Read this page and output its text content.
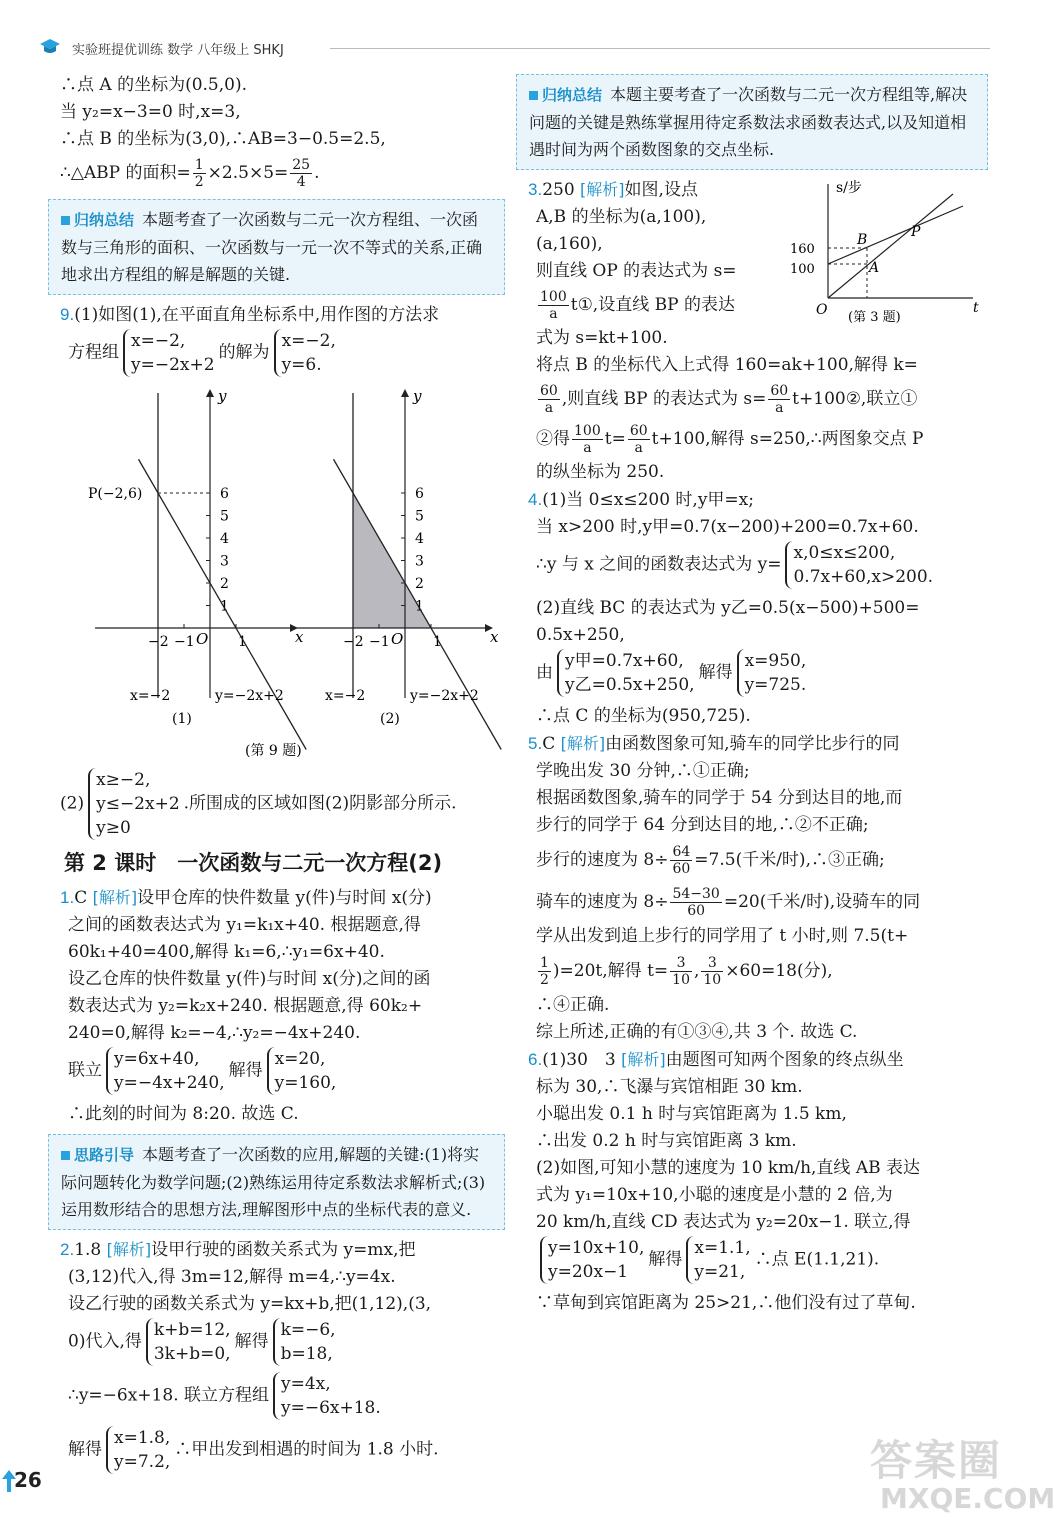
实验班提优训练 数学 八年级上 SHKJ
∴点 A 的坐标为(0.5,0).
当 y₂=x−3=0 时,x=3,
∴点 B 的坐标为(3,0),∴AB=3−0.5=2.5,
∴△ABP 的面积= $\frac{1}{2} \times 2.5\times 5= \frac{25}{4}$ .
归纳总结 本题考查了一次函数与二元一次方程组、一次函数与三角形的面积、一次函数与一元一次不等式的关系,正确地求出方程组的解是解题的关键.
9.(1)如图(1),在平面直角坐标系中,用作图的方法求
方程组x=−2,
y=−2x+2的解为x=−2,
y=6.
x
y
O
6
5
4
3
2
1
−2 −1	1
x=−2	y=−2x+2
P(−2,6)
(1)
(第 9 题)
x
y
O
6
5
4
3
2
1
−2 −1	1
x=−2	y=−2x+2
(2)
(2)x≥−2,
y≤−2x+2
y≥0.所围成的区域如图(2)阴影部分所示.
第 2 课时　一次函数与二元一次方程(2)
1.C [解析]设甲仓库的快件数量 y(件)与时间 x(分)
之间的函数表达式为 y₁=k₁x+40. 根据题意,得
60k₁+40=400,解得 k₁=6,∴y₁=6x+40.
设乙仓库的快件数量 y(件)与时间 x(分)之间的函
数表达式为 y₂=k₂x+240. 根据题意,得 60k₂+
240=0,解得 k₂=−4,∴y₂=−4x+240.
联立y=6x+40,
y=−4x+240,解得x=20,
y=160,
∴此刻的时间为 8:20. 故选 C.
思路引导 本题考查了一次函数的应用,解题的关键:(1)将实际问题转化为数学问题;(2)熟练运用待定系数法求解析式;(3)运用数形结合的思想方法,理解图形中点的坐标代表的意义.
2.1.8 [解析]设甲行驶的函数关系式为 y=mx,把
(3,12)代入,得 3m=12,解得 m=4,∴y=4x.
设乙行驶的函数关系式为 y=kx+b,把(1,12),(3,
0)代入,得k+b=12,
3k+b=0,解得k=−6,
b=18,
∴y=−6x+18. 联立方程组y=4x,
y=−6x+18.
解得x=1.8,
y=7.2,∴甲出发到相遇的时间为 1.8 小时.
归纳总结 本题主要考查了一次函数与二元一次方程组等,解决问题的关键是熟练掌握用待定系数法求函数表达式,以及知道相遇时间为两个函数图象的交点坐标.
s/步
t
O
160
100
B
A
P
(第 3 题)
3.250 [解析]如图,设点
A,B 的坐标为(a,100),
(a,160),
则直线 OP 的表达式为 s=
$\frac{100}{a}$ t①,设直线 BP 的表达
式为 s=kt+100.
将点 B 的坐标代入上式得 160=ak+100,解得 k=
$\frac{60}{a}$ ,则直线 BP 的表达式为 $s= \frac{60}{a}$ t+100②,联立①
②得 $\frac{100}{a} t= \frac{60}{a} t+100$,解得 s=250,∴两图象交点 P
的纵坐标为 250.
4.(1)当 0≤x≤200 时,y甲=x;
当 x>200 时,y甲=0.7(x−200)+200=0.7x+60.
∴y 与 x 之间的函数表达式为 y=x,0≤x≤200,
0.7x+60,x>200.
(2)直线 BC 的表达式为 y乙=0.5(x−500)+500=
0.5x+250,
由y甲=0.7x+60,
y乙=0.5x+250,解得x=950,
y=725.
∴点 C 的坐标为(950,725).
5.C [解析]由函数图象可知,骑车的同学比步行的同
学晚出发 30 分钟,∴①正确;
根据函数图象,骑车的同学于 54 分到达目的地,而
步行的同学于 64 分到达目的地,∴②不正确;
步行的速度为 $8\div \frac{64}{60} =7.5$(千米/时),∴③正确;
骑车的速度为 $8\div \frac{54-30}{60} =20$(千米/时),设骑车的同
学从出发到追上步行的同学用了 t 小时,则 7.5(t+
$\frac{1}{2} )=20t$,解得 $t= \frac{3}{10}$ , $\frac{3}{10} \times 60=18$(分),
∴④正确.
综上所述,正确的有①③④,共 3 个. 故选 C.
6.(1)30　3 [解析]由题图可知两个图象的终点纵坐
标为 30,∴飞瀑与宾馆相距 30 km.
小聪出发 0.1 h 时与宾馆距离为 1.5 km,
∴出发 0.2 h 时与宾馆距离 3 km.
(2)如图,可知小慧的速度为 10 km/h,直线 AB 表达
式为 y₁=10x+10,小聪的速度是小慧的 2 倍,为
20 km/h,直线 CD 表达式为 y₂=20x−1. 联立,得
y=10x+10,
y=20x−1解得x=1.1,
y=21,∴点 E(1.1,21).
∵草甸到宾馆距离为 25>21,∴他们没有过了草甸.
26	答案圈
MXQE.COM
